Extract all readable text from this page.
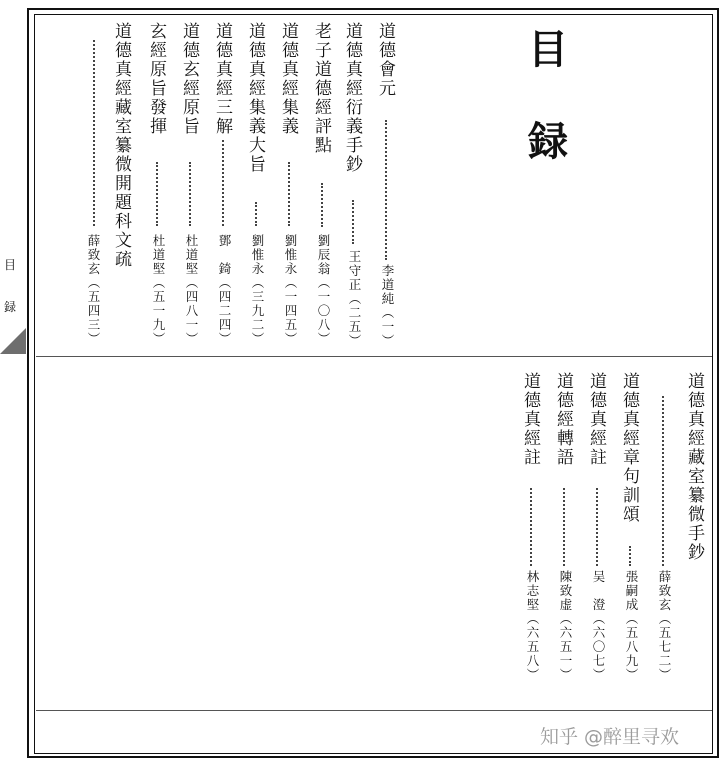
目
録
目
録
道德會元
李道純（一）
道德真經衍義手鈔
王守正（二五）
老子道德經評點
劉辰翁（一〇八）
道德真經集義
劉惟永（一四五）
道德真經集義大旨
劉惟永（三九二）
道德真經三解
鄧　錡（四二四）
道德玄經原旨
杜道堅（四八一）
玄經原旨發揮
杜道堅（五一九）
道德真經藏室纂微開題科文疏
薛致玄（五四三）
道德真經藏室纂微手鈔
薛致玄（五七二）
道德真經章句訓頌
張嗣成（五八九）
道德真經註
吴　澄（六〇七）
道德經轉語
陳致虚（六五一）
道德真經註
林志堅（六五八）
知乎 @醉里寻欢
